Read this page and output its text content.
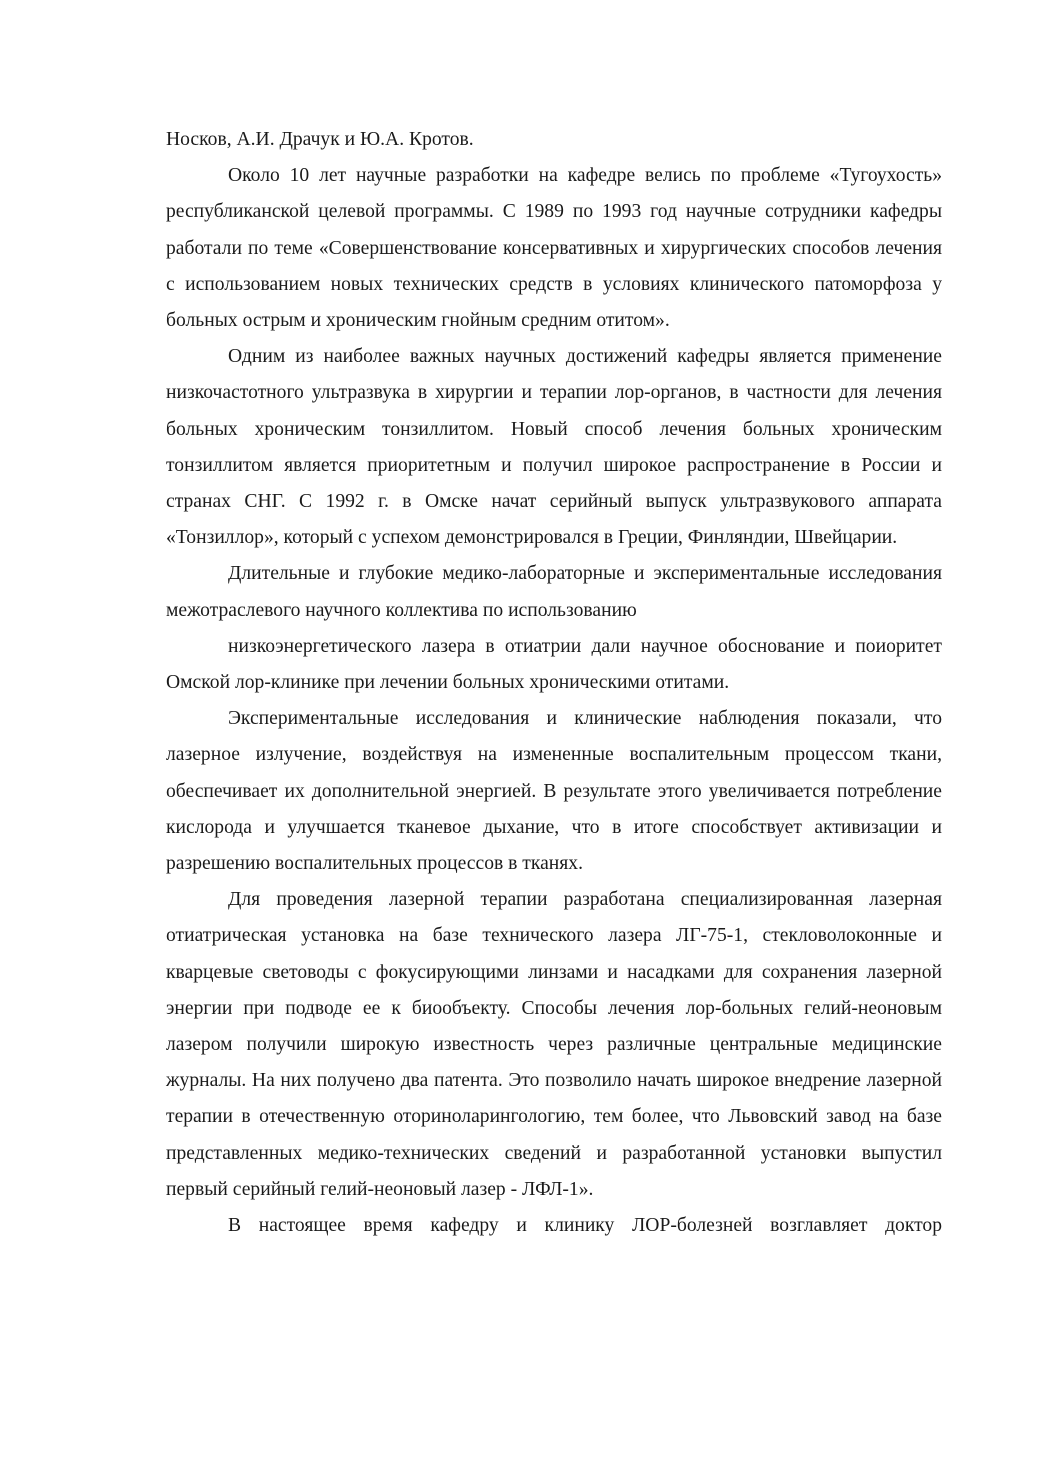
Носков, А.И. Драчук и Ю.А. Кротов.

Около 10 лет научные разработки на кафедре велись по проблеме «Тугоухость» республиканской целевой программы. С 1989 по 1993 год научные сотрудники кафедры работали по теме «Совершенствование консервативных и хирургических способов лечения с использованием новых технических средств в условиях клинического патоморфоза у больных острым и хроническим гнойным средним отитом».

Одним из наиболее важных научных достижений кафедры является применение низкочастотного ультразвука в хирургии и терапии лор-органов, в частности для лечения больных хроническим тонзиллитом. Новый способ лечения больных хроническим тонзиллитом является приоритетным и получил широкое распространение в России и странах СНГ. С 1992 г. в Омске начат серийный выпуск ультразвукового аппарата «Тонзиллор», который с успехом демонстрировался в Греции, Финляндии, Швейцарии.

Длительные и глубокие медико-лабораторные и экспериментальные исследования межотраслевого научного коллектива по использованию

низкоэнергетического лазера в отиатрии дали научное обоснование и поиоритет Омской лор-клинике при лечении больных хроническими отитами.

Экспериментальные исследования и клинические наблюдения показали, что лазерное излучение, воздействуя на измененные воспалительным процессом ткани, обеспечивает их дополнительной энергией. В результате этого увеличивается потребление кислорода и улучшается тканевое дыхание, что в итоге способствует активизации и разрешению воспалительных процессов в тканях.

Для проведения лазерной терапии разработана специализированная лазерная отиатрическая установка на базе технического лазера ЛГ-75-1, стекловолоконные и кварцевые световоды с фокусирующими линзами и насадками для сохранения лазерной энергии при подводе ее к биообъекту. Способы лечения лор-больных гелий-неоновым лазером получили широкую известность через различные центральные медицинские журналы. На них получено два патента. Это позволило начать широкое внедрение лазерной терапии в отечественную оториноларингологию, тем более, что Львовский завод на базе представленных медико-технических сведений и разработанной установки выпустил первый серийный гелий-неоновый лазер - ЛФЛ-1».

В настоящее время кафедру и клинику ЛОР-болезней возглавляет доктор
